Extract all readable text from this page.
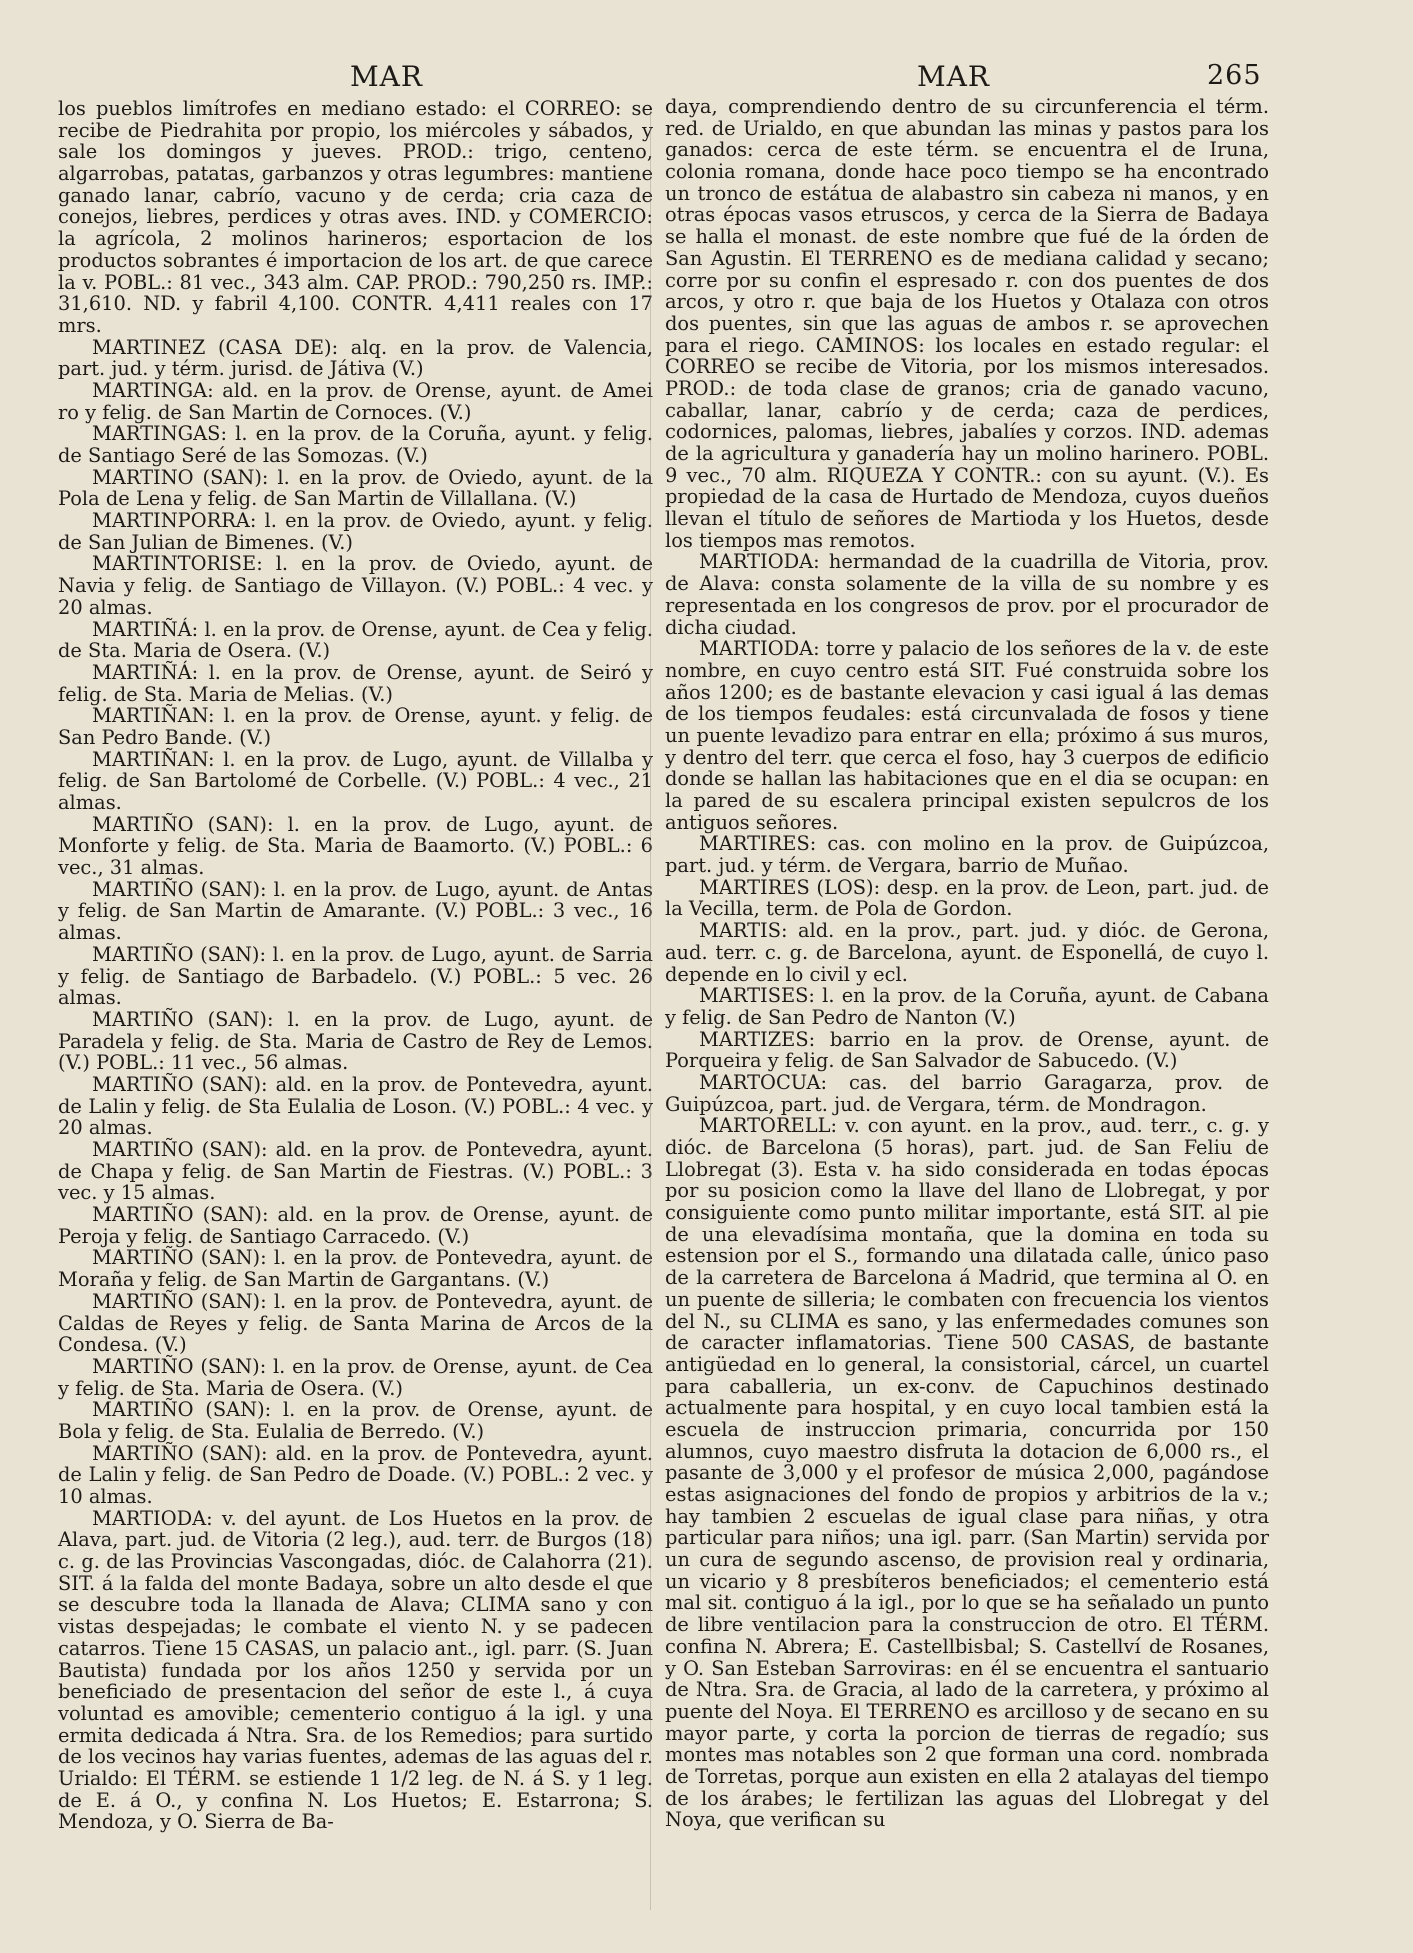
MAR	MAR	265

los pueblos limítrofes en mediano estado: el CORREO: se recibe de Piedrahita por propio, los miércoles y sábados, y sale los domingos y jueves. PROD.: trigo, centeno, algarrobas, patatas, garbanzos y otras legumbres: mantiene ganado lanar, cabrío, vacuno y de cerda; cria caza de conejos, liebres, perdices y otras aves. IND. y COMERCIO: la agrícola, 2 molinos harineros; esportacion de los productos sobrantes é importacion de los art. de que carece la v. POBL.: 81 vec., 343 alm. CAP. PROD.: 790,250 rs. IMP.: 31,610. ND. y fabril 4,100. CONTR. 4,411 reales con 17 mrs.

MARTINEZ (CASA DE): alq. en la prov. de Valencia, part. jud. y térm. jurisd. de Játiva (V.)

MARTINGA: ald. en la prov. de Orense, ayunt. de Amei ro y felig. de San Martin de Cornoces. (V.)

MARTINGAS: l. en la prov. de la Coruña, ayunt. y felig. de Santiago Seré de las Somozas. (V.)

MARTINO (SAN): l. en la prov. de Oviedo, ayunt. de la Pola de Lena y felig. de San Martin de Villallana. (V.)

MARTINPORRA: l. en la prov. de Oviedo, ayunt. y felig. de San Julian de Bimenes. (V.)

MARTINTORISE: l. en la prov. de Oviedo, ayunt. de Navia y felig. de Santiago de Villayon. (V.) POBL.: 4 vec. y 20 almas.

MARTIÑÁ: l. en la prov. de Orense, ayunt. de Cea y felig. de Sta. Maria de Osera. (V.)

MARTIÑÁ: l. en la prov. de Orense, ayunt. de Seiró y felig. de Sta. Maria de Melias. (V.)

MARTIÑAN: l. en la prov. de Orense, ayunt. y felig. de San Pedro Bande. (V.)

MARTIÑAN: l. en la prov. de Lugo, ayunt. de Villalba y felig. de San Bartolomé de Corbelle. (V.) POBL.: 4 vec., 21 almas.

MARTIÑO (SAN): l. en la prov. de Lugo, ayunt. de Monforte y felig. de Sta. Maria de Baamorto. (V.) POBL.: 6 vec., 31 almas.

MARTIÑO (SAN): l. en la prov. de Lugo, ayunt. de Antas y felig. de San Martin de Amarante. (V.) POBL.: 3 vec., 16 almas.

MARTIÑO (SAN): l. en la prov. de Lugo, ayunt. de Sarria y felig. de Santiago de Barbadelo. (V.) POBL.: 5 vec. 26 almas.

MARTIÑO (SAN): l. en la prov. de Lugo, ayunt. de Paradela y felig. de Sta. Maria de Castro de Rey de Lemos. (V.) POBL.: 11 vec., 56 almas.

MARTIÑO (SAN): ald. en la prov. de Pontevedra, ayunt. de Lalin y felig. de Sta Eulalia de Loson. (V.) POBL.: 4 vec. y 20 almas.

MARTIÑO (SAN): ald. en la prov. de Pontevedra, ayunt. de Chapa y felig. de San Martin de Fiestras. (V.) POBL.: 3 vec. y 15 almas.

MARTIÑO (SAN): ald. en la prov. de Orense, ayunt. de Peroja y felig. de Santiago Carracedo. (V.)

MARTIÑO (SAN): l. en la prov. de Pontevedra, ayunt. de Moraña y felig. de San Martin de Gargantans. (V.)

MARTIÑO (SAN): l. en la prov. de Pontevedra, ayunt. de Caldas de Reyes y felig. de Santa Marina de Arcos de la Condesa. (V.)

MARTIÑO (SAN): l. en la prov. de Orense, ayunt. de Cea y felig. de Sta. Maria de Osera. (V.)

MARTIÑO (SAN): l. en la prov. de Orense, ayunt. de Bola y felig. de Sta. Eulalia de Berredo. (V.)

MARTIÑO (SAN): ald. en la prov. de Pontevedra, ayunt. de Lalin y felig. de San Pedro de Doade. (V.) POBL.: 2 vec. y 10 almas.

MARTIODA: v. del ayunt. de Los Huetos en la prov. de Alava, part. jud. de Vitoria (2 leg.), aud. terr. de Burgos (18) c. g. de las Provincias Vascongadas, dióc. de Calahorra (21). SIT. á la falda del monte Badaya, sobre un alto desde el que se descubre toda la llanada de Alava; CLIMA sano y con vistas despejadas; le combate el viento N. y se padecen catarros. Tiene 15 CASAS, un palacio ant., igl. parr. (S. Juan Bautista) fundada por los años 1250 y servida por un beneficiado de presentacion del señor de este l., á cuya voluntad es amovible; cementerio contiguo á la igl. y una ermita dedicada á Ntra. Sra. de los Remedios; para surtido de los vecinos hay varias fuentes, ademas de las aguas del r. Urialdo: El TÉRM. se estiende 1 1/2 leg. de N. á S. y 1 leg. de E. á O., y confina N. Los Huetos; E. Estarrona; S. Mendoza, y O. Sierra de Ba-

daya, comprendiendo dentro de su circunferencia el térm. red. de Urialdo, en que abundan las minas y pastos para los ganados: cerca de este térm. se encuentra el de Iruna, colonia romana, donde hace poco tiempo se ha encontrado un tronco de estátua de alabastro sin cabeza ni manos, y en otras épocas vasos etruscos, y cerca de la Sierra de Badaya se halla el monast. de este nombre que fué de la órden de San Agustin. El TERRENO es de mediana calidad y secano; corre por su confin el espresado r. con dos puentes de dos arcos, y otro r. que baja de los Huetos y Otalaza con otros dos puentes, sin que las aguas de ambos r. se aprovechen para el riego. CAMINOS: los locales en estado regular: el CORREO se recibe de Vitoria, por los mismos interesados. PROD.: de toda clase de granos; cria de ganado vacuno, caballar, lanar, cabrío y de cerda; caza de perdices, codornices, palomas, liebres, jabalíes y corzos. IND. ademas de la agricultura y ganadería hay un molino harinero. POBL. 9 vec., 70 alm. RIQUEZA Y CONTR.: con su ayunt. (V.). Es propiedad de la casa de Hurtado de Mendoza, cuyos dueños llevan el título de señores de Martioda y los Huetos, desde los tiempos mas remotos.

MARTIODA: hermandad de la cuadrilla de Vitoria, prov. de Alava: consta solamente de la villa de su nombre y es representada en los congresos de prov. por el procurador de dicha ciudad.

MARTIODA: torre y palacio de los señores de la v. de este nombre, en cuyo centro está SIT. Fué construida sobre los años 1200; es de bastante elevacion y casi igual á las demas de los tiempos feudales: está circunvalada de fosos y tiene un puente levadizo para entrar en ella; próximo á sus muros, y dentro del terr. que cerca el foso, hay 3 cuerpos de edificio donde se hallan las habitaciones que en el dia se ocupan: en la pared de su escalera principal existen sepulcros de los antiguos señores.

MARTIRES: cas. con molino en la prov. de Guipúzcoa, part. jud. y térm. de Vergara, barrio de Muñao.

MARTIRES (LOS): desp. en la prov. de Leon, part. jud. de la Vecilla, term. de Pola de Gordon.

MARTIS: ald. en la prov., part. jud. y dióc. de Gerona, aud. terr. c. g. de Barcelona, ayunt. de Esponellá, de cuyo l. depende en lo civil y ecl.

MARTISES: l. en la prov. de la Coruña, ayunt. de Cabana y felig. de San Pedro de Nanton (V.)

MARTIZES: barrio en la prov. de Orense, ayunt. de Porqueira y felig. de San Salvador de Sabucedo. (V.)

MARTOCUA: cas. del barrio Garagarza, prov. de Guipúzcoa, part. jud. de Vergara, térm. de Mondragon.

MARTORELL: v. con ayunt. en la prov., aud. terr., c. g. y dióc. de Barcelona (5 horas), part. jud. de San Feliu de Llobregat (3). Esta v. ha sido considerada en todas épocas por su posicion como la llave del llano de Llobregat, y por consiguiente como punto militar importante, está SIT. al pie de una elevadísima montaña, que la domina en toda su estension por el S., formando una dilatada calle, único paso de la carretera de Barcelona á Madrid, que termina al O. en un puente de silleria; le combaten con frecuencia los vientos del N., su CLIMA es sano, y las enfermedades comunes son de caracter inflamatorias. Tiene 500 CASAS, de bastante antigüedad en lo general, la consistorial, cárcel, un cuartel para caballeria, un ex-conv. de Capuchinos destinado actualmente para hospital, y en cuyo local tambien está la escuela de instruccion primaria, concurrida por 150 alumnos, cuyo maestro disfruta la dotacion de 6,000 rs., el pasante de 3,000 y el profesor de música 2,000, pagándose estas asignaciones del fondo de propios y arbitrios de la v.; hay tambien 2 escuelas de igual clase para niñas, y otra particular para niños; una igl. parr. (San Martin) servida por un cura de segundo ascenso, de provision real y ordinaria, un vicario y 8 presbíteros beneficiados; el cementerio está mal sit. contiguo á la igl., por lo que se ha señalado un punto de libre ventilacion para la construccion de otro. El TÉRM. confina N. Abrera; E. Castellbisbal; S. Castellví de Rosanes, y O. San Esteban Sarroviras: en él se encuentra el santuario de Ntra. Sra. de Gracia, al lado de la carretera, y próximo al puente del Noya. El TERRENO es arcilloso y de secano en su mayor parte, y corta la porcion de tierras de regadío; sus montes mas notables son 2 que forman una cord. nombrada de Torretas, porque aun existen en ella 2 atalayas del tiempo de los árabes; le fertilizan las aguas del Llobregat y del Noya, que verifican su
